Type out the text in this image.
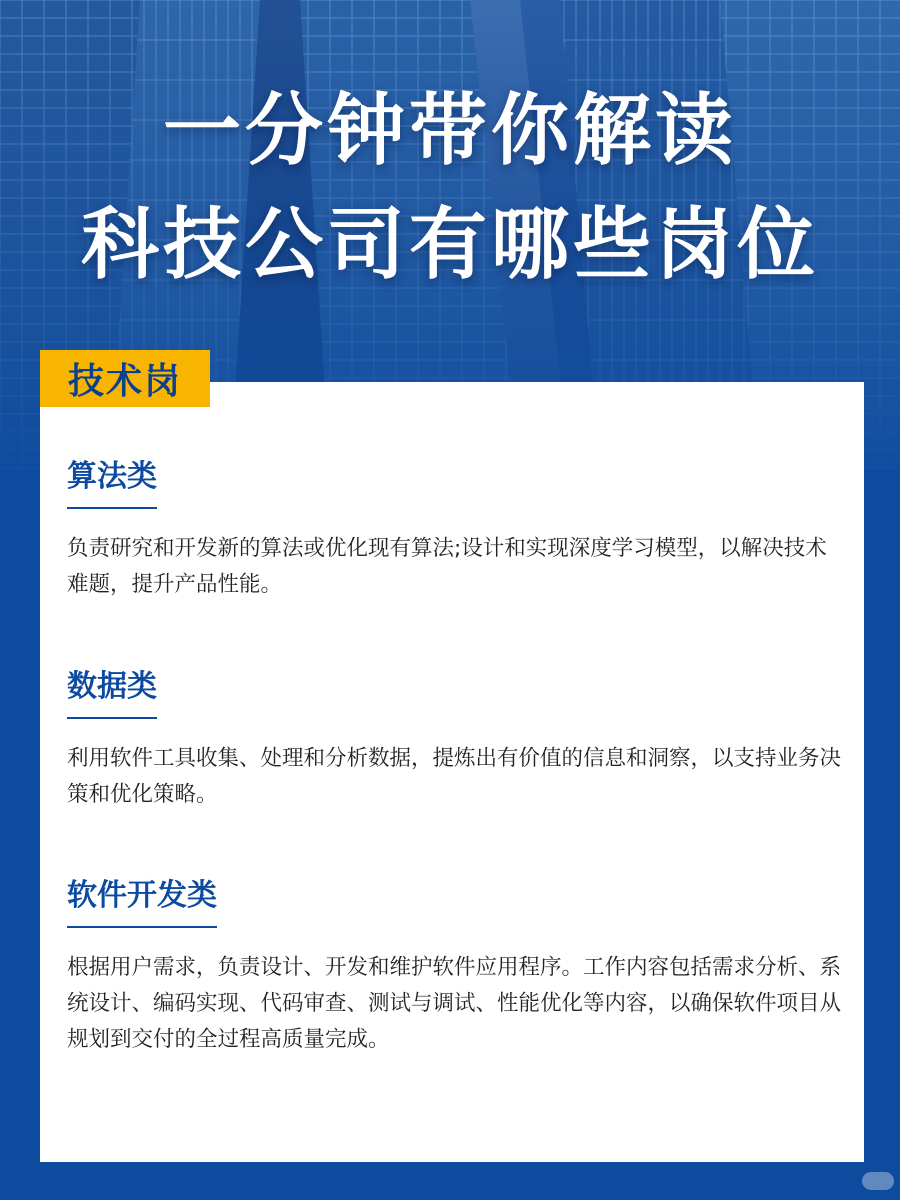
一分钟带你解读
科技公司有哪些岗位
技术岗
算法类
负责研究和开发新的算法或优化现有算法;设计和实现深度学习模型，以解决技术难题，提升产品性能。
数据类
利用软件工具收集、处理和分析数据，提炼出有价值的信息和洞察，以支持业务决策和优化策略。
软件开发类
根据用户需求，负责设计、开发和维护软件应用程序。工作内容包括需求分析、系统设计、编码实现、代码审查、测试与调试、性能优化等内容，以确保软件项目从规划到交付的全过程高质量完成。
